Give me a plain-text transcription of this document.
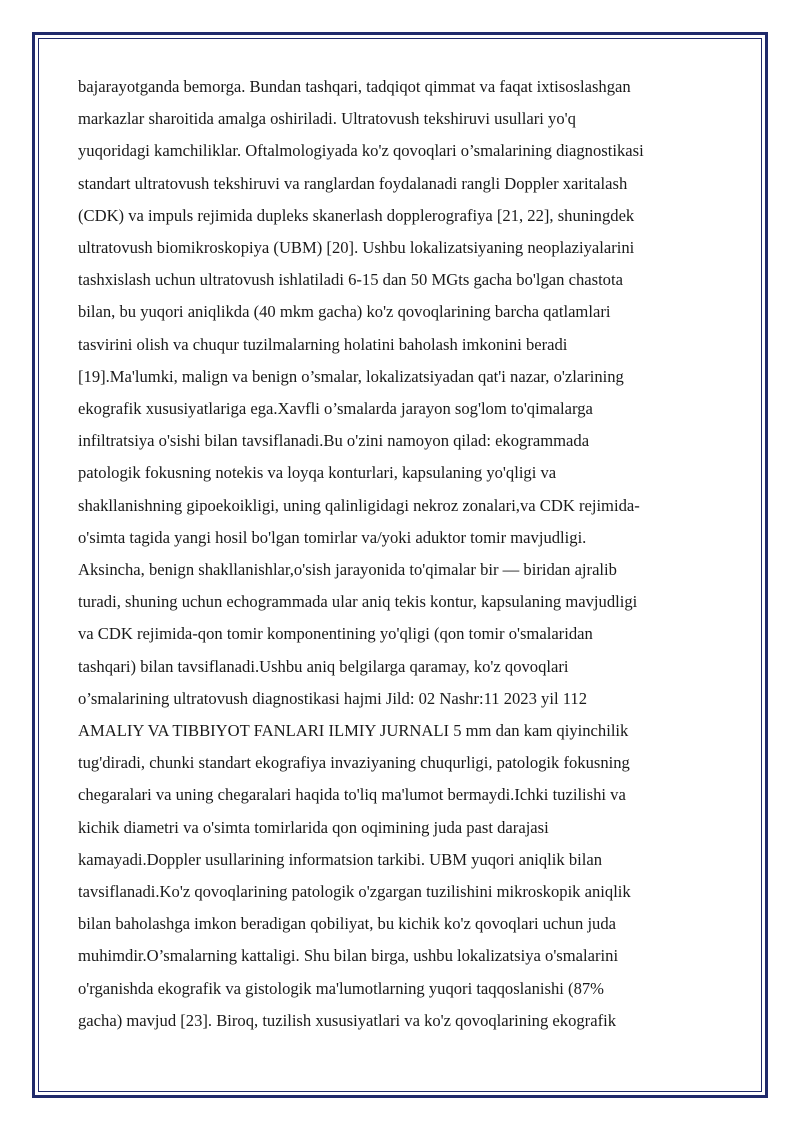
bajarayotganda bemorga. Bundan tashqari, tadqiqot qimmat va faqat ixtisoslashgan
markazlar sharoitida amalga oshiriladi. Ultratovush tekshiruvi usullari yo'q
yuqoridagi kamchiliklar. Oftalmologiyada ko'z qovoqlari o’smalarining diagnostikasi
standart ultratovush tekshiruvi va ranglardan foydalanadi rangli Doppler xaritalash
(CDK) va impuls rejimida dupleks skanerlash dopplerografiya [21, 22], shuningdek
ultratovush biomikroskopiya (UBM) [20]. Ushbu lokalizatsiyaning neoplaziyalarini
tashxislash uchun ultratovush ishlatiladi 6-15 dan 50 MGts gacha bo'lgan chastota
bilan, bu yuqori aniqlikda (40 mkm gacha) ko'z qovoqlarining barcha qatlamlari
tasvirini olish va chuqur tuzilmalarning holatini baholash imkonini beradi
[19].Ma'lumki, malign va benign o’smalar, lokalizatsiyadan qat'i nazar, o'zlarining
ekografik xususiyatlariga ega.Xavfli o’smalarda jarayon sog'lom to'qimalarga
infiltratsiya o'sishi bilan tavsiflanadi.Bu o'zini namoyon qilad: ekogrammada
patologik fokusning notekis va loyqa konturlari, kapsulaning yo'qligi va
shakllanishning gipoekoikligi, uning qalinligidagi nekroz zonalari,va CDK rejimida-
o'simta tagida yangi hosil bo'lgan tomirlar va/yoki aduktor tomir mavjudligi.
Aksincha, benign shakllanishlar,o'sish jarayonida to'qimalar bir — biridan ajralib
turadi, shuning uchun echogrammada ular aniq tekis kontur, kapsulaning mavjudligi
va CDK rejimida-qon tomir komponentining yo'qligi (qon tomir o'smalaridan
tashqari) bilan tavsiflanadi.Ushbu aniq belgilarga qaramay, ko'z qovoqlari
o’smalarining ultratovush diagnostikasi hajmi Jild: 02 Nashr:11 2023 yil 112
AMALIY VA TIBBIYOT FANLARI ILMIY JURNALI 5 mm dan kam qiyinchilik
tug'diradi, chunki standart ekografiya invaziyaning chuqurligi, patologik fokusning
chegaralari va uning chegaralari haqida to'liq ma'lumot bermaydi.Ichki tuzilishi va
kichik diametri va o'simta tomirlarida qon oqimining juda past darajasi
kamayadi.Doppler usullarining informatsion tarkibi. UBM yuqori aniqlik bilan
tavsiflanadi.Ko'z qovoqlarining patologik o'zgargan tuzilishini mikroskopik aniqlik
bilan baholashga imkon beradigan qobiliyat, bu kichik ko'z qovoqlari uchun juda
muhimdir.O’smalarning kattaligi. Shu bilan birga, ushbu lokalizatsiya o'smalarini
o'rganishda ekografik va gistologik ma'lumotlarning yuqori taqqoslanishi (87%
gacha) mavjud [23]. Biroq, tuzilish xususiyatlari va ko'z qovoqlarining ekografik
